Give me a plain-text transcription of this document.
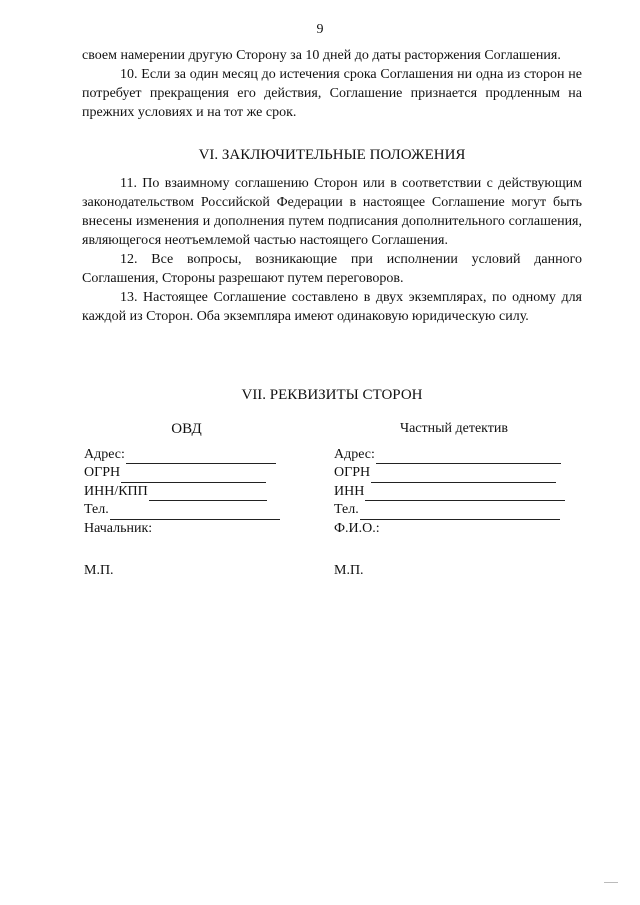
9

своем намерении другую Сторону за 10 дней до даты расторжения Соглашения.

10. Если за один месяц до истечения срока Соглашения ни одна из сторон не потребует прекращения его действия, Соглашение признается продленным на прежних условиях и на тот же срок.

VI. ЗАКЛЮЧИТЕЛЬНЫЕ ПОЛОЖЕНИЯ

11. По взаимному соглашению Сторон или в соответствии с действующим законодательством Российской Федерации в настоящее Соглашение могут быть внесены изменения и дополнения путем подписания дополнительного соглашения, являющегося неотъемлемой частью настоящего Соглашения.

12. Все вопросы, возникающие при исполнении условий данного Соглашения, Стороны разрешают путем переговоров.

13. Настоящее Соглашение составлено в двух экземплярах, по одному для каждой из Сторон. Оба экземпляра имеют одинаковую юридическую силу.

VII. РЕКВИЗИТЫ СТОРОН
ОВД
Адрес:
ОГРН
ИНН/КПП
Тел.
Начальник:
М.П.
Частный детектив
Адрес:
ОГРН
ИНН
Тел.
Ф.И.О.:
М.П.
